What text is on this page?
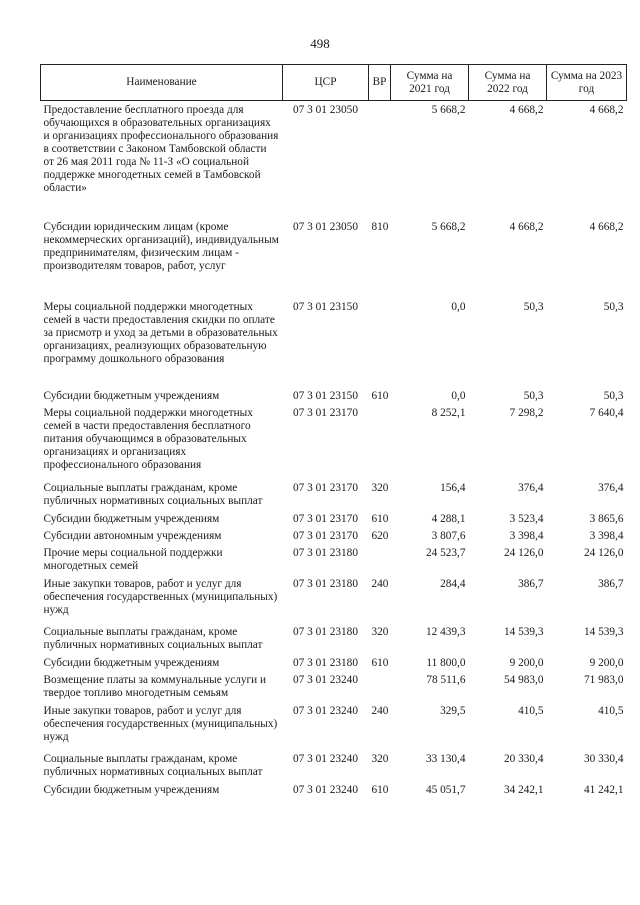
498
Наименование	ЦСР	ВР	Сумма на 2021 год	Сумма на 2022 год	Сумма на 2023 год
Предоставление бесплатного проезда для обучающихся в образовательных организациях и организациях профессионального образования в соответствии с Законом Тамбовской области от 26 мая 2011 года № 11-З «О социальной поддержке многодетных семей в Тамбовской области»	07 3 01 23050		5 668,2	4 668,2	4 668,2
Субсидии юридическим лицам (кроме некоммерческих организаций), индивидуальным предпринимателям, физическим лицам - производителям товаров, работ, услуг	07 3 01 23050	810	5 668,2	4 668,2	4 668,2
Меры социальной поддержки многодетных семей в части предоставления скидки по оплате за присмотр и уход за детьми в образовательных организациях, реализующих образовательную программу дошкольного образования	07 3 01 23150		0,0	50,3	50,3
Субсидии бюджетным учреждениям	07 3 01 23150	610	0,0	50,3	50,3
Меры социальной поддержки многодетных семей в части предоставления бесплатного питания обучающимся в образовательных организациях и организациях профессионального образования	07 3 01 23170		8 252,1	7 298,2	7 640,4
Социальные выплаты гражданам, кроме публичных нормативных социальных выплат	07 3 01 23170	320	156,4	376,4	376,4
Субсидии бюджетным учреждениям	07 3 01 23170	610	4 288,1	3 523,4	3 865,6
Субсидии автономным учреждениям	07 3 01 23170	620	3 807,6	3 398,4	3 398,4
Прочие меры социальной поддержки многодетных семей	07 3 01 23180		24 523,7	24 126,0	24 126,0
Иные закупки товаров, работ и услуг для обеспечения государственных (муниципальных) нужд	07 3 01 23180	240	284,4	386,7	386,7
Социальные выплаты гражданам, кроме публичных нормативных социальных выплат	07 3 01 23180	320	12 439,3	14 539,3	14 539,3
Субсидии бюджетным учреждениям	07 3 01 23180	610	11 800,0	9 200,0	9 200,0
Возмещение платы за коммунальные услуги и твердое топливо многодетным семьям	07 3 01 23240		78 511,6	54 983,0	71 983,0
Иные закупки товаров, работ и услуг для обеспечения государственных (муниципальных) нужд	07 3 01 23240	240	329,5	410,5	410,5
Социальные выплаты гражданам, кроме публичных нормативных социальных выплат	07 3 01 23240	320	33 130,4	20 330,4	30 330,4
Субсидии бюджетным учреждениям	07 3 01 23240	610	45 051,7	34 242,1	41 242,1
